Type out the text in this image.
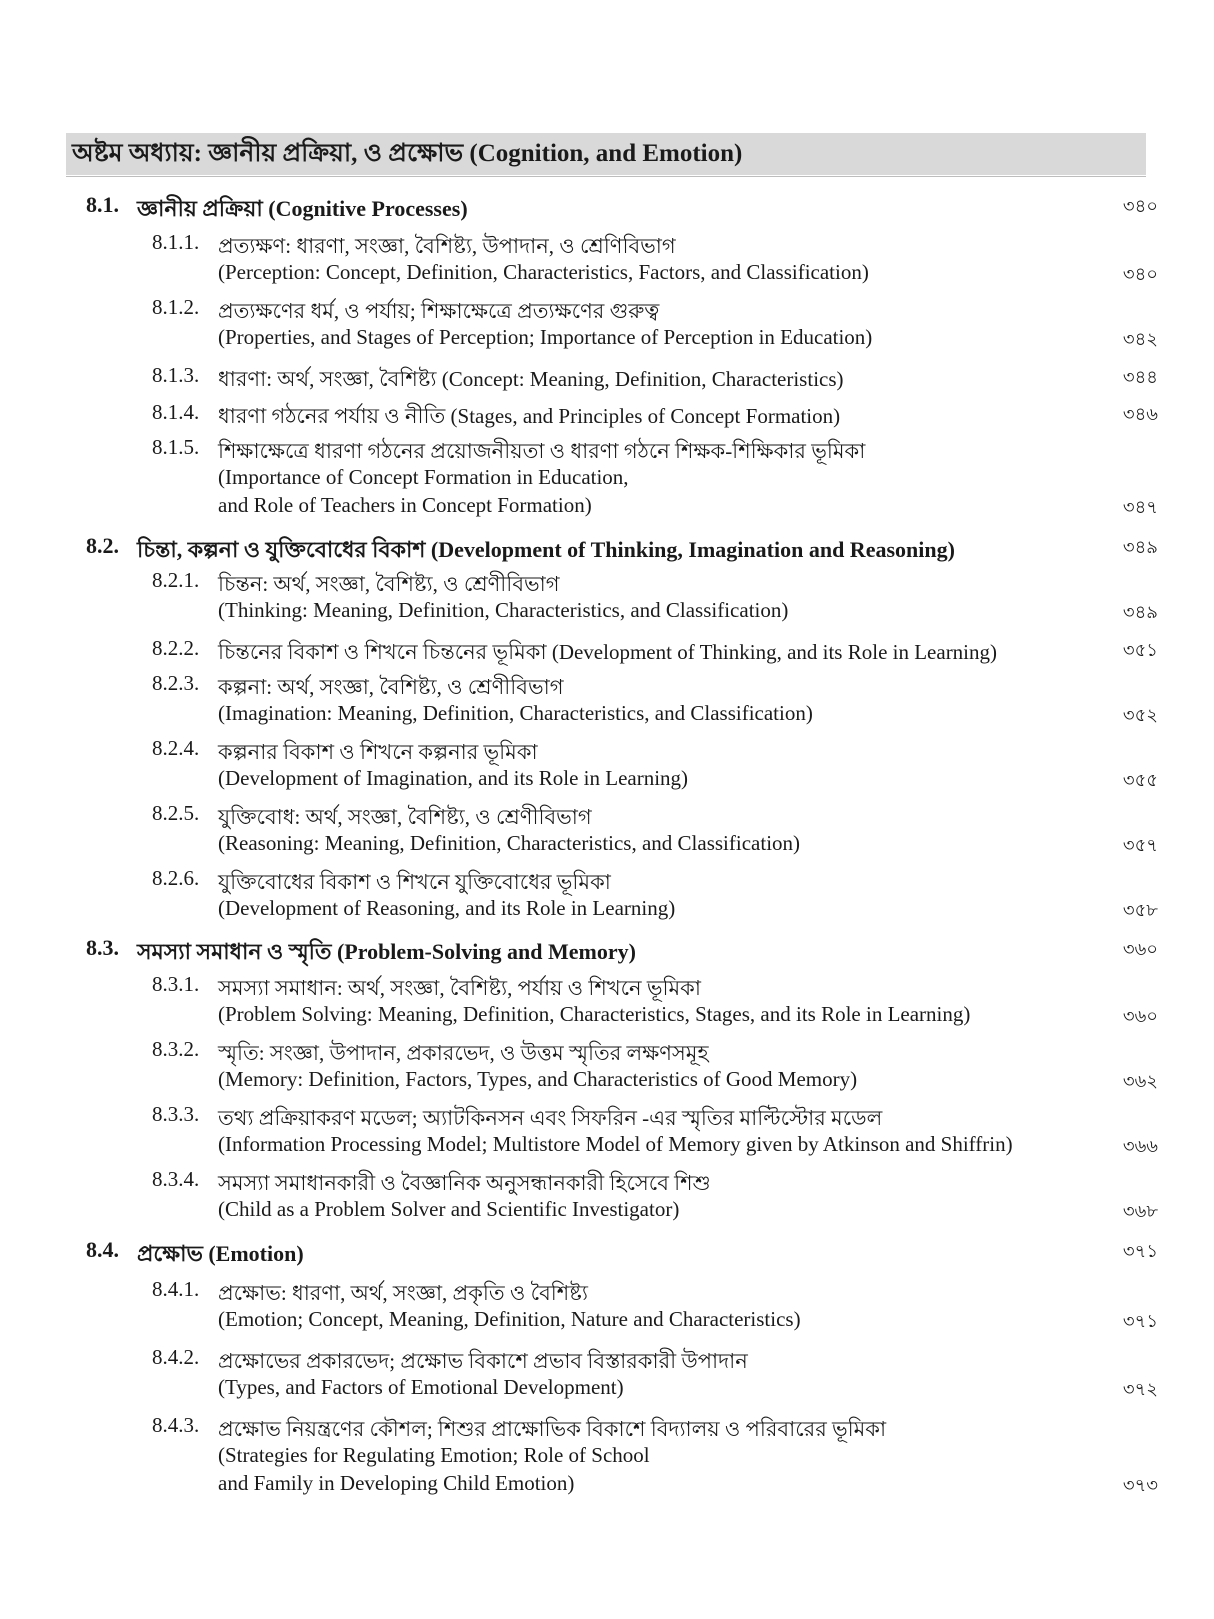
অষ্টম অধ্যায়: জ্ঞানীয় প্রক্রিয়া, ও প্রক্ষোভ (Cognition, and Emotion)
8.1. জ্ঞানীয় প্রক্রিয়া (Cognitive Processes)	৩৪০
8.1.1. প্রত্যক্ষণ: ধারণা, সংজ্ঞা, বৈশিষ্ট্য, উপাদান, ও শ্রেণিবিভাগ
(Perception: Concept, Definition, Characteristics, Factors, and Classification)	৩৪০
8.1.2. প্রত্যক্ষণের ধর্ম, ও পর্যায়; শিক্ষাক্ষেত্রে প্রত্যক্ষণের গুরুত্ব
(Properties, and Stages of Perception; Importance of Perception in Education)	৩৪২
8.1.3. ধারণা: অর্থ, সংজ্ঞা, বৈশিষ্ট্য (Concept: Meaning, Definition, Characteristics)	৩৪৪
8.1.4. ধারণা গঠনের পর্যায় ও নীতি (Stages, and Principles of Concept Formation)	৩৪৬
8.1.5. শিক্ষাক্ষেত্রে ধারণা গঠনের প্রয়োজনীয়তা ও ধারণা গঠনে শিক্ষক-শিক্ষিকার ভূমিকা
(Importance of Concept Formation in Education,
and Role of Teachers in Concept Formation)	৩৪৭
8.2. চিন্তা, কল্পনা ও যুক্তিবোধের বিকাশ (Development of Thinking, Imagination and Reasoning)	৩৪৯
8.2.1. চিন্তন: অর্থ, সংজ্ঞা, বৈশিষ্ট্য, ও শ্রেণীবিভাগ
(Thinking: Meaning, Definition, Characteristics, and Classification)	৩৪৯
8.2.2. চিন্তনের বিকাশ ও শিখনে চিন্তনের ভূমিকা (Development of Thinking, and its Role in Learning)	৩৫১
8.2.3. কল্পনা: অর্থ, সংজ্ঞা, বৈশিষ্ট্য, ও শ্রেণীবিভাগ
(Imagination: Meaning, Definition, Characteristics, and Classification)	৩৫২
8.2.4. কল্পনার বিকাশ ও শিখনে কল্পনার ভূমিকা
(Development of Imagination, and its Role in Learning)	৩৫৫
8.2.5. যুক্তিবোধ: অর্থ, সংজ্ঞা, বৈশিষ্ট্য, ও শ্রেণীবিভাগ
(Reasoning: Meaning, Definition, Characteristics, and Classification)	৩৫৭
8.2.6. যুক্তিবোধের বিকাশ ও শিখনে যুক্তিবোধের ভূমিকা
(Development of Reasoning, and its Role in Learning)	৩৫৮
8.3. সমস্যা সমাধান ও স্মৃতি (Problem-Solving and Memory)	৩৬০
8.3.1. সমস্যা সমাধান: অর্থ, সংজ্ঞা, বৈশিষ্ট্য, পর্যায় ও শিখনে ভূমিকা
(Problem Solving: Meaning, Definition, Characteristics, Stages, and its Role in Learning)	৩৬০
8.3.2. স্মৃতি: সংজ্ঞা, উপাদান, প্রকারভেদ, ও উত্তম স্মৃতির লক্ষণসমূহ
(Memory: Definition, Factors, Types, and Characteristics of Good Memory)	৩৬২
8.3.3. তথ্য প্রক্রিয়াকরণ মডেল; অ্যাটকিনসন এবং সিফরিন -এর স্মৃতির মাল্টিস্টোর মডেল
(Information Processing Model; Multistore Model of Memory given by Atkinson and Shiffrin)	৩৬৬
8.3.4. সমস্যা সমাধানকারী ও বৈজ্ঞানিক অনুসন্ধানকারী হিসেবে শিশু
(Child as a Problem Solver and Scientific Investigator)	৩৬৮
8.4. প্রক্ষোভ (Emotion)	৩৭১
8.4.1. প্রক্ষোভ: ধারণা, অর্থ, সংজ্ঞা, প্রকৃতি ও বৈশিষ্ট্য
(Emotion; Concept, Meaning, Definition, Nature and Characteristics)	৩৭১
8.4.2. প্রক্ষোভের প্রকারভেদ; প্রক্ষোভ বিকাশে প্রভাব বিস্তারকারী উপাদান
(Types, and Factors of Emotional Development)	৩৭২
8.4.3. প্রক্ষোভ নিয়ন্ত্রণের কৌশল; শিশুর প্রাক্ষোভিক বিকাশে বিদ্যালয় ও পরিবারের ভূমিকা
(Strategies for Regulating Emotion; Role of School
and Family in Developing Child Emotion)	৩৭৩
